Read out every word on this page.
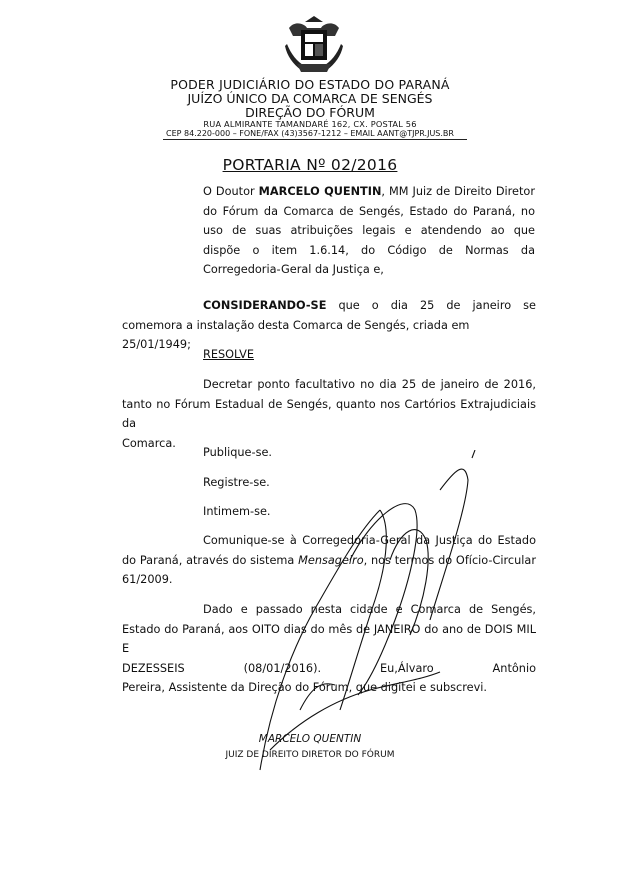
PODER JUDICIÁRIO DO ESTADO DO PARANÁ
JUÍZO ÚNICO DA COMARCA DE SENGÉS
DIREÇÃO DO FÓRUM
RUA ALMIRANTE TAMANDARÉ 162, CX. POSTAL 56
CEP 84.220-000 – FONE/FAX (43)3567-1212 – EMAIL AANT@TJPR.JUS.BR
PORTARIA Nº 02/2016
O Doutor MARCELO QUENTIN, MM Juiz de Direito Diretor
do Fórum da Comarca de Sengés, Estado do Paraná, no
uso de suas atribuições legais e atendendo ao que
dispõe o item 1.6.14, do Código de Normas da
Corregedoria-Geral da Justiça e,
CONSIDERANDO-SE que o dia 25 de janeiro se
comemora a instalação desta Comarca de Sengés, criada em 25/01/1949;
RESOLVE
Decretar ponto facultativo no dia 25 de janeiro de 2016,
tanto no Fórum Estadual de Sengés, quanto nos Cartórios Extrajudiciais da
Comarca.
Publique-se.
Registre-se.
Intimem-se.
Comunique-se à Corregedoria-Geral da Justiça do Estado
do Paraná, através do sistema Mensageiro, nos termos do Ofício-Circular
61/2009.
Dado e passado nesta cidade e Comarca de Sengés,
Estado do Paraná, aos OITO dias do mês de JANEIRO do ano de DOIS MIL E
DEZESSEIS (08/01/2016). Eu,Álvaro Antônio
Pereira, Assistente da Direção do Fórum, que digitei e subscrevi.
MARCELO QUENTIN
JUIZ DE DIREITO DIRETOR DO FÓRUM
